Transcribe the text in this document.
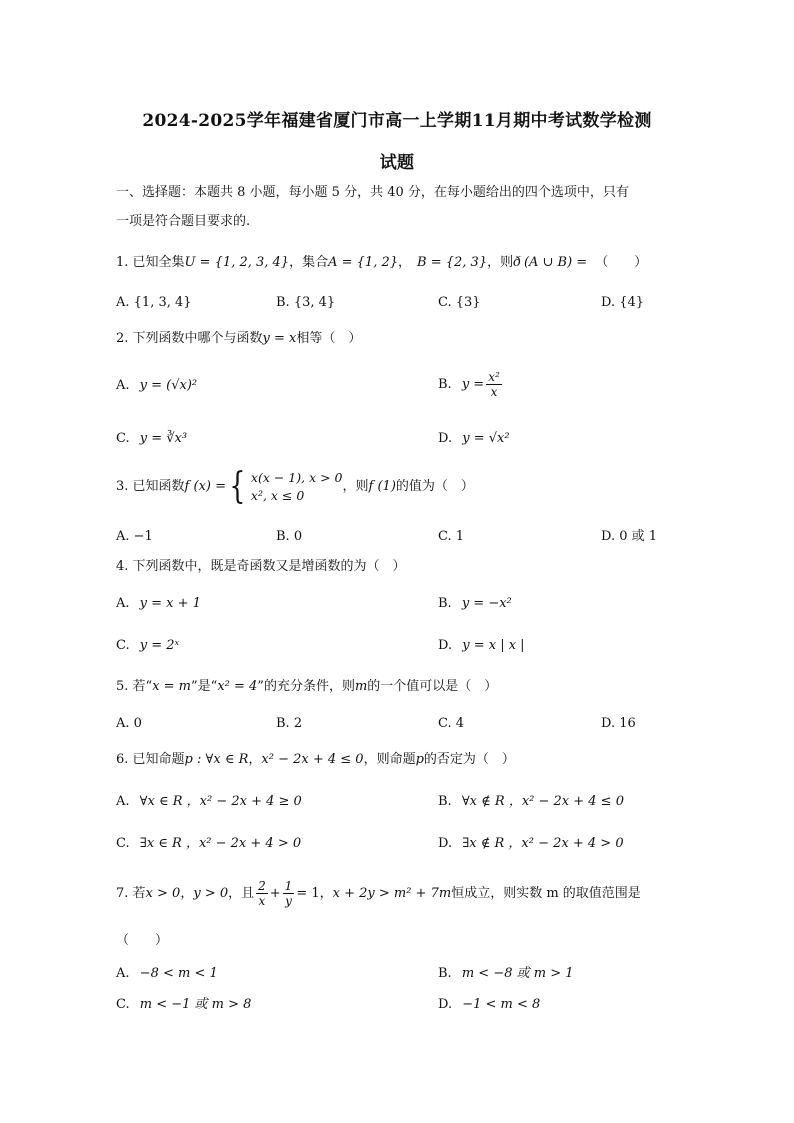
2024-2025学年福建省厦门市高一上学期11月期中考试数学检测
试题
一、选择题：本题共 8 小题，每小题 5 分，共 40 分，在每小题给出的四个选项中，只有
一项是符合题目要求的.
1. 已知全集U = {1, 2, 3, 4}，集合A = {1, 2}， B = {2, 3}，则ð (A ∪ B) = （　　）
A. {1, 3, 4}	B. {3, 4}	C. {3}	D. {4}
2. 下列函数中哪个与函数y = x相等（　）
A. y = (√x)²	B. $y = \frac{\text{x²}}{x}$
C. y = ∛x³	D. y = √x²
3. 已知函数f (x) = { x(x − 1), x > 0
x², x ≤ 0
，则f (1)的值为（　）
A. −1	B. 0	C. 1	D. 0 或 1
4. 下列函数中，既是奇函数又是增函数的为（　）
A. y = x + 1	B. y = −x²
C. y = 2ˣ	D. y = x | x |
5. 若“x = m”是“x² = 4”的充分条件，则m的一个值可以是（　）
A. 0	B. 2	C. 4	D. 16
6. 已知命题p : ∀x ∈ R，x² − 2x + 4 ≤ 0，则命题p的否定为（　）
A. ∀x ∈ R ，x² − 2x + 4 ≥ 0	B. ∀x ∉ R ，x² − 2x + 4 ≤ 0
C. ∃x ∈ R ，x² − 2x + 4 > 0	D. ∃x ∉ R ，x² − 2x + 4 > 0
7. 若x > 0，y > 0，且 $\frac{2}{x} + \frac{1}{y} = 1$，x + 2y > m² + 7m恒成立，则实数 m 的取值范围是
（　　）
A. −8 < m < 1	B. m < −8 或 m > 1
C. m < −1 或 m > 8	D. −1 < m < 8
